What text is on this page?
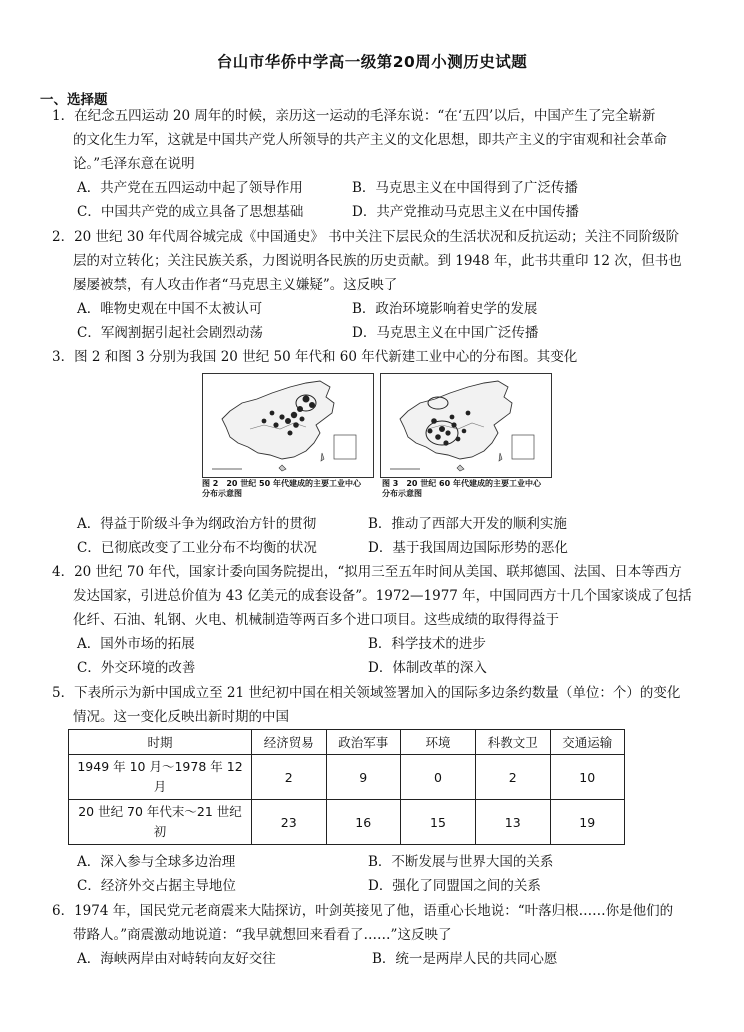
台山市华侨中学高一级第20周小测历史试题
一、选择题
1．在纪念五四运动 20 周年的时候，亲历这一运动的毛泽东说：“在‘五四’以后，中国产生了完全崭新
的文化生力军，这就是中国共产党人所领导的共产主义的文化思想，即共产主义的宇宙观和社会革命
论。”毛泽东意在说明
A．共产党在五四运动中起了领导作用	B．马克思主义在中国得到了广泛传播
C．中国共产党的成立具备了思想基础	D．共产党推动马克思主义在中国传播
2．20 世纪 30 年代周谷城完成《中国通史》 书中关注下层民众的生活状况和反抗运动；关注不同阶级阶
层的对立转化；关注民族关系，力图说明各民族的历史贡献。到 1948 年，此书共重印 12 次，但书也
屡屡被禁，有人攻击作者“马克思主义嫌疑”。这反映了
A．唯物史观在中国不太被认可	B．政治环境影响着史学的发展
C．军阀割据引起社会剧烈动荡	D．马克思主义在中国广泛传播
3．图 2 和图 3 分别为我国 20 世纪 50 年代和 60 年代新建工业中心的分布图。其变化
图 2　20 世纪 50 年代建成的主要工业中心
分布示意图
图 3　20 世纪 60 年代建成的主要工业中心
分布示意图
A．得益于阶级斗争为纲政治方针的贯彻	B．推动了西部大开发的顺利实施
C．已彻底改变了工业分布不均衡的状况	D．基于我国周边国际形势的恶化
4．20 世纪 70 年代，国家计委向国务院提出，“拟用三至五年时间从美国、联邦德国、法国、日本等西方
发达国家，引进总价值为 43 亿美元的成套设备”。1972—1977 年，中国同西方十几个国家谈成了包括
化纤、石油、轧钢、火电、机械制造等两百多个进口项目。这些成绩的取得得益于
A．国外市场的拓展	B．科学技术的进步
C．外交环境的改善	D．体制改革的深入
5．下表所示为新中国成立至 21 世纪初中国在相关领域签署加入的国际多边条约数量（单位：个）的变化
情况。这一变化反映出新时期的中国
时期	经济贸易	政治军事	环境	科教文卫	交通运输

1949 年 10 月～1978 年 12
月	2	9	0	2	10

20 世纪 70 年代末～21 世纪
初	23	16	15	13	19
A．深入参与全球多边治理	B．不断发展与世界大国的关系
C．经济外交占据主导地位	D．强化了同盟国之间的关系
6．1974 年，国民党元老商震来大陆探访，叶剑英接见了他，语重心长地说：“叶落归根……你是他们的
带路人。”商震激动地说道：“我早就想回来看看了……”这反映了
A．海峡两岸由对峙转向友好交往	B．统一是两岸人民的共同心愿
